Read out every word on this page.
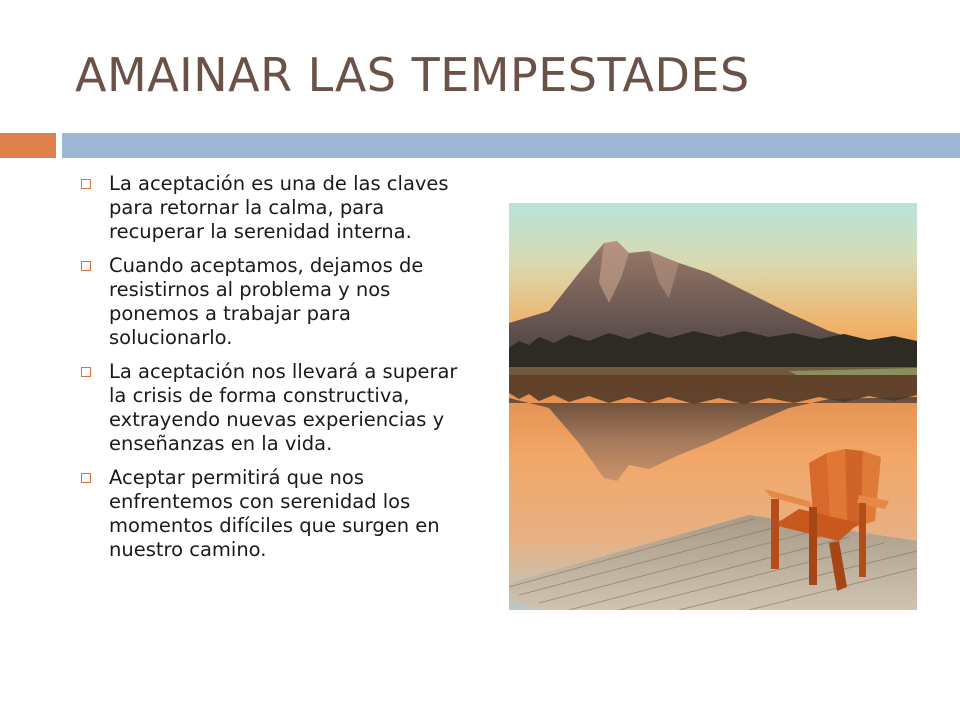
AMAINAR LAS TEMPESTADES
La aceptación es una de las claves para retornar la calma, para recuperar la serenidad interna.
Cuando aceptamos, dejamos de resistirnos al problema y nos ponemos a trabajar para solucionarlo.
La aceptación nos llevará a superar la crisis de forma constructiva, extrayendo nuevas experiencias y enseñanzas en la vida.
Aceptar permitirá que nos enfrentemos con serenidad los momentos difíciles que surgen en nuestro camino.
